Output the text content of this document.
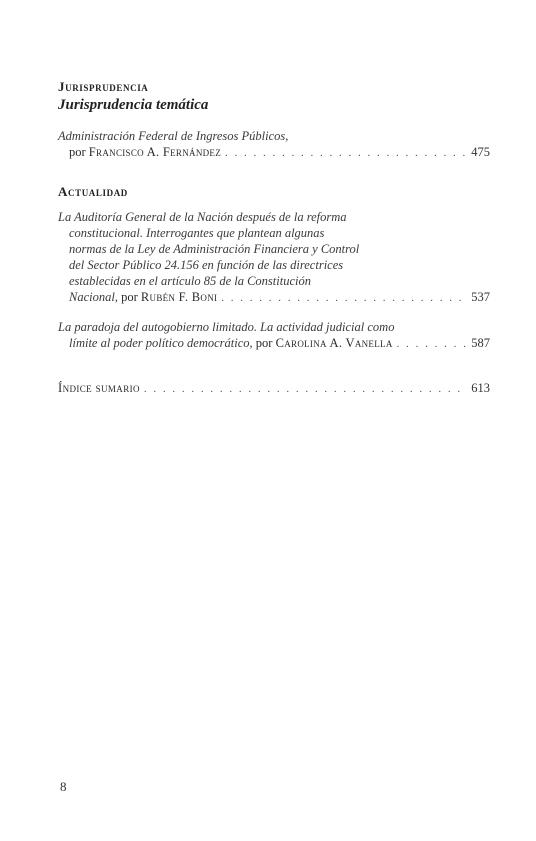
Jurisprudencia
Jurisprudencia temática
Administración Federal de Ingresos Públicos,
por
Francisco A. Fernández . . .	475
Actualidad
La Auditoría General de la Nación después de la reforma
constitucional. Interrogantes que plantean algunas
normas de la Ley de Administración Financiera y Control
del Sector Público 24.156 en función de las directrices
establecidas en el artículo 85 de la Constitución
Nacional,
por
Rubén F. Boni . . .	537
La paradoja del autogobierno limitado. La actividad judicial como
límite al poder político democrático,
por
Carolina A. Vanella . . .	587
Índice sumario . . .	613
8
